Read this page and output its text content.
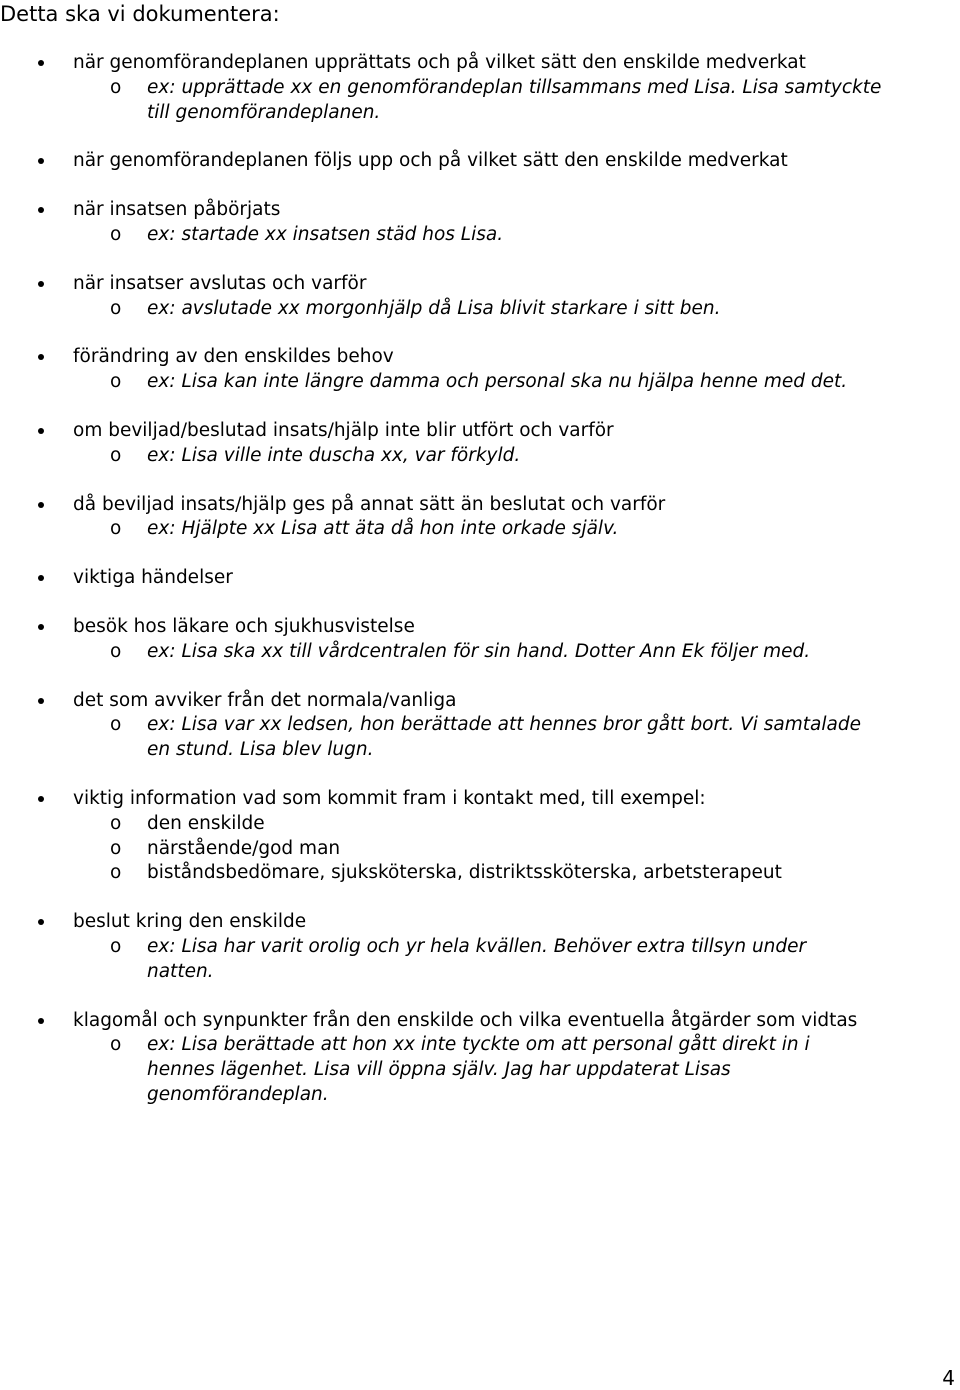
Detta ska vi dokumentera:
när genomförandeplanen upprättats och på vilket sätt den enskilde medverkat
o ex: upprättade xx en genomförandeplan tillsammans med Lisa. Lisa samtyckte
till genomförandeplanen.
när genomförandeplanen följs upp och på vilket sätt den enskilde medverkat
när insatsen påbörjats
o ex: startade xx insatsen städ hos Lisa.
när insatser avslutas och varför
o ex: avslutade xx morgonhjälp då Lisa blivit starkare i sitt ben.
förändring av den enskildes behov
o ex: Lisa kan inte längre damma och personal ska nu hjälpa henne med det.
om beviljad/beslutad insats/hjälp inte blir utfört och varför
o ex: Lisa ville inte duscha xx, var förkyld.
då beviljad insats/hjälp ges på annat sätt än beslutat och varför
o ex: Hjälpte xx Lisa att äta då hon inte orkade själv.
viktiga händelser
besök hos läkare och sjukhusvistelse
o ex: Lisa ska xx till vårdcentralen för sin hand. Dotter Ann Ek följer med.
det som avviker från det normala/vanliga
o ex: Lisa var xx ledsen, hon berättade att hennes bror gått bort. Vi samtalade
en stund. Lisa blev lugn.
viktig information vad som kommit fram i kontakt med, till exempel:
o den enskilde
o närstående/god man
o biståndsbedömare, sjuksköterska, distriktssköterska, arbetsterapeut
beslut kring den enskilde
o ex: Lisa har varit orolig och yr hela kvällen. Behöver extra tillsyn under
natten.
klagomål och synpunkter från den enskilde och vilka eventuella åtgärder som vidtas
o ex: Lisa berättade att hon xx inte tyckte om att personal gått direkt in i
hennes lägenhet. Lisa vill öppna själv. Jag har uppdaterat Lisas
genomförandeplan.
4
